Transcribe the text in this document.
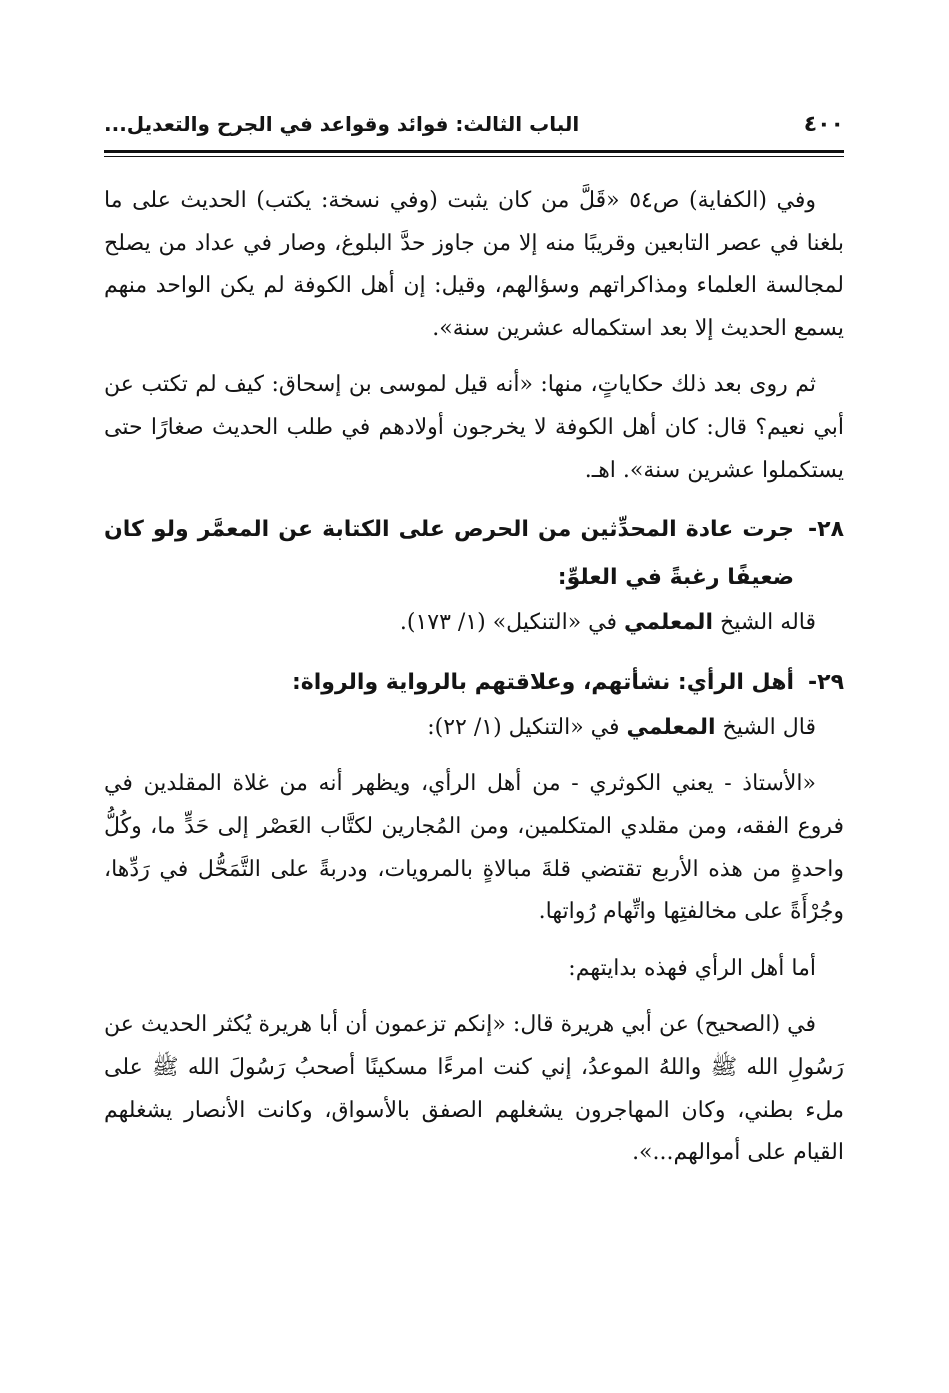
٤٠٠
الباب الثالث: فوائد وقواعد في الجرح والتعديل...

وفي (الكفاية) ص٥٤ «قَلَّ من كان يثبت (وفي نسخة: يكتب) الحديث على ما بلغنا في عصر التابعين وقريبًا منه إلا من جاوز حدَّ البلوغ، وصار في عداد من يصلح لمجالسة العلماء ومذاكراتهم وسؤالهم، وقيل: إن أهل الكوفة لم يكن الواحد منهم يسمع الحديث إلا بعد استكماله عشرين سنة».

ثم روى بعد ذلك حكاياتٍ، منها: «أنه قيل لموسى بن إسحاق: كيف لم تكتب عن أبي نعيم؟ قال: كان أهل الكوفة لا يخرجون أولادهم في طلب الحديث صغارًا حتى يستكملوا عشرين سنة». اهـ.

٢٨-
جرت عادة المحدِّثين من الحرص على الكتابة عن المعمَّر ولو كان ضعيفًا رغبةً في العلوِّ:

قاله الشيخ المعلمي في «التنكيل» (١/ ١٧٣).

٢٩-
أهل الرأي: نشأتهم، وعلاقتهم بالرواية والرواة:

قال الشيخ المعلمي في «التنكيل (١/ ٢٢):

«الأستاذ - يعني الكوثري - من أهل الرأي، ويظهر أنه من غلاة المقلدين في فروع الفقه، ومن مقلدي المتكلمين، ومن المُجارين لكتَّاب العَصْر إلى حَدٍّ ما، وكُلُّ واحدةٍ من هذه الأربع تقتضي قلةَ مبالاةٍ بالمرويات، ودربةً على التَّمَحُّل في رَدِّها، وجُرْأَةً على مخالفتِها واتِّهام رُواتها.

أما أهل الرأي فهذه بدايتهم:

في (الصحيح) عن أبي هريرة قال: «إنكم تزعمون أن أبا هريرة يُكثر الحديث عن رَسُولِ الله ﷺ واللهُ الموعدُ، إني كنت امرءًا مسكينًا أصحبُ رَسُولَ الله ﷺ على ملء بطني، وكان المهاجرون يشغلهم الصفق بالأسواق، وكانت الأنصار يشغلهم القيام على أموالهم...».
